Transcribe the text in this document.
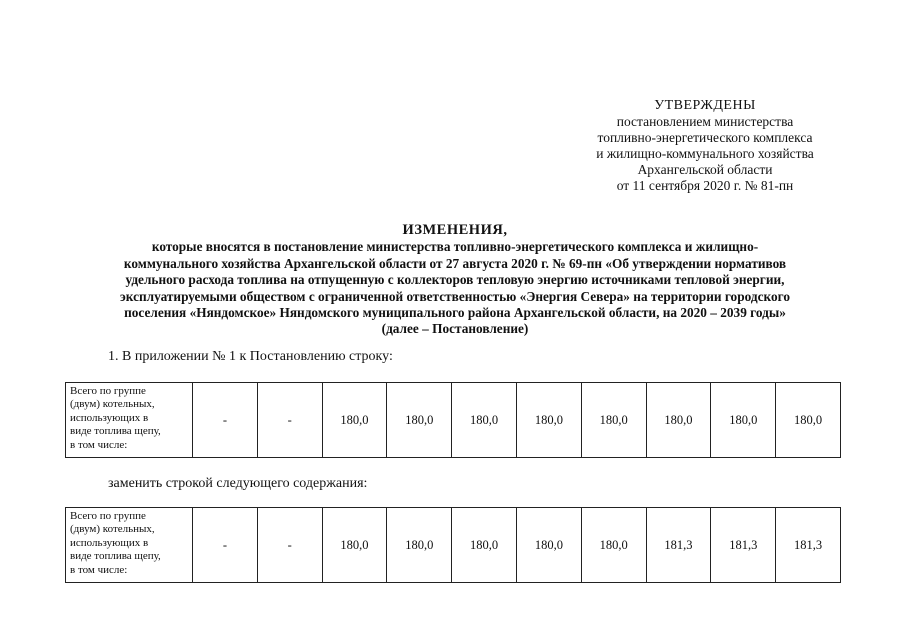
УТВЕРЖДЕНЫ
постановлением министерства
топливно-энергетического комплекса
и жилищно-коммунального хозяйства
Архангельской области
от 11 сентября 2020 г. № 81-пн
ИЗМЕНЕНИЯ,
которые вносятся в постановление министерства топливно-энергетического комплекса и жилищно-
коммунального хозяйства Архангельской области от 27 августа 2020 г. № 69-пн «Об утверждении нормативов
удельного расхода топлива на отпущенную с коллекторов тепловую энергию источниками тепловой энергии,
эксплуатируемыми обществом с ограниченной ответственностью «Энергия Севера» на территории городского
поселения «Няндомское» Няндомского муниципального района Архангельской области, на 2020 – 2039 годы»
(далее – Постановление)
1. В приложении № 1 к Постановлению строку:
Всего по группе
(двум) котельных,
использующих в
виде топлива щепу,
в том числе:
	-	-	180,0	180,0	180,0	180,0	180,0	180,0	180,0	180,0
заменить строкой следующего содержания:
Всего по группе
(двум) котельных,
использующих в
виде топлива щепу,
в том числе:
	-	-	180,0	180,0	180,0	180,0	180,0	181,3	181,3	181,3
